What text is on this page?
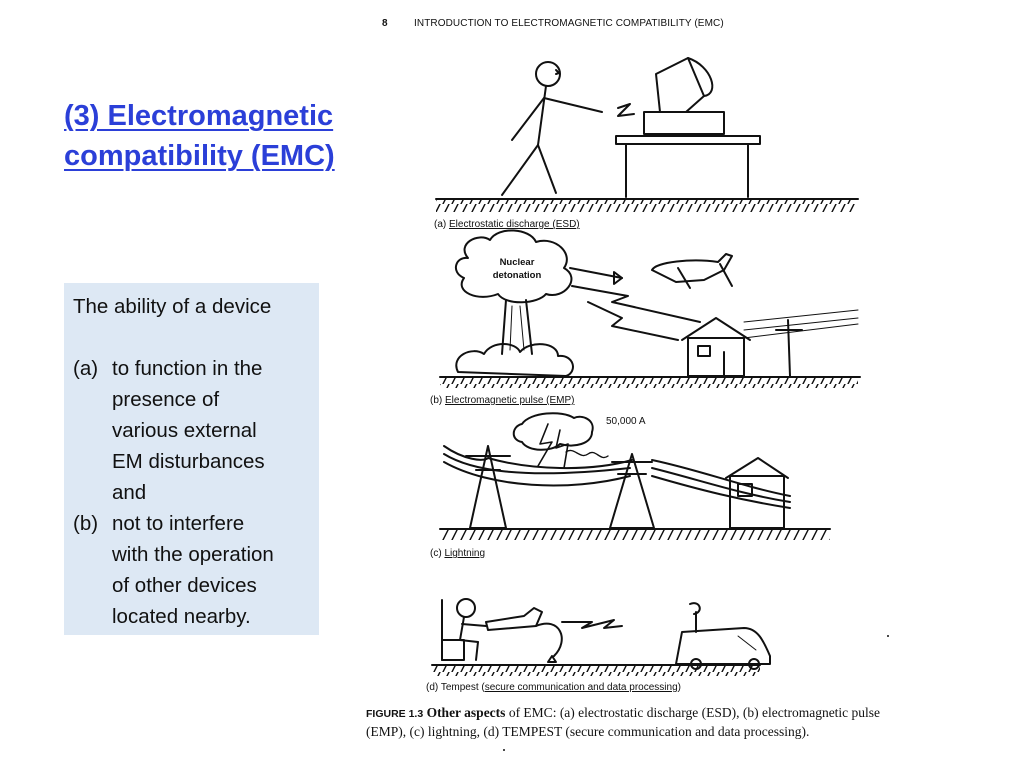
(3) Electromagnetic
compatibility (EMC)
The ability of a device
(a) to function in the
presence of
various external
EM disturbances
and
(b) not to interfere
with the operation
of other devices
located nearby.
8	INTRODUCTION TO ELECTROMAGNETIC COMPATIBILITY (EMC)
(a) Electrostatic discharge (ESD)
Nuclear
detonation
(b) Electromagnetic pulse (EMP)
50,000 A
(c) Lightning
(d) Tempest (secure communication and data processing)
FIGURE 1.3 Other aspects of EMC: (a) electrostatic discharge (ESD), (b) electromagnetic pulse (EMP), (c) lightning, (d) TEMPEST (secure communication and data processing).
